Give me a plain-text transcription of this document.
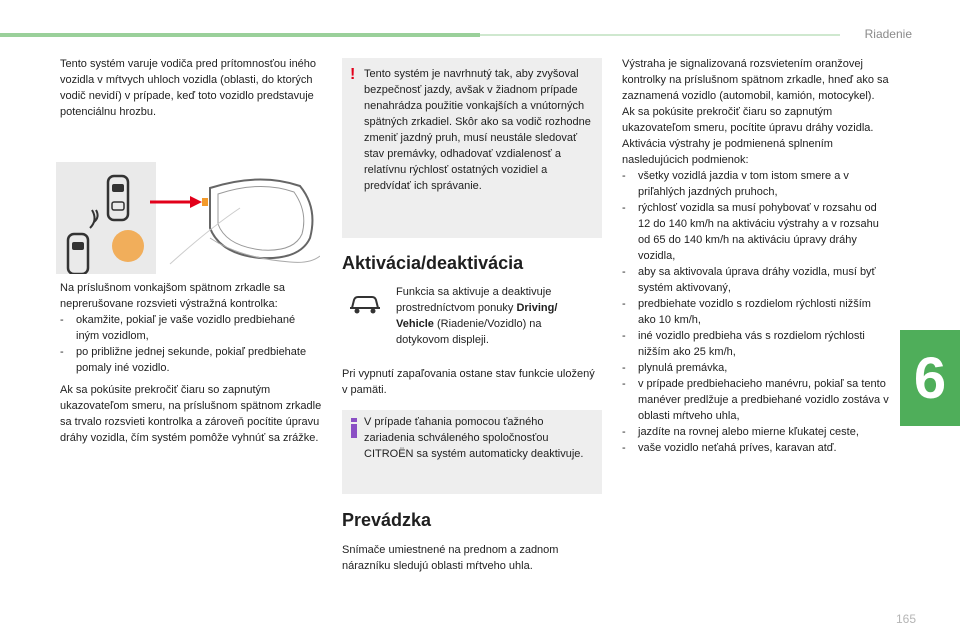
Riadenie
6
Tento systém varuje vodiča pred prítomnosťou iného vozidla v mŕtvych uhloch vozidla (oblasti, do ktorých vodič nevidí) v prípade, keď toto vozidlo predstavuje potenciálnu hrozbu.
Na príslušnom vonkajšom spätnom zrkadle sa neprerušovane rozsvieti výstražná kontrolka:
- okamžite, pokiaľ je vaše vozidlo predbiehané iným vozidlom,
- po približne jednej sekunde, pokiaľ predbiehate pomaly iné vozidlo.
Ak sa pokúsite prekročiť čiaru so zapnutým ukazovateľom smeru, na príslušnom spätnom zrkadle sa trvalo rozsvieti kontrolka a zároveň pocítite úpravu dráhy vozidla, čím systém pomôže vyhnúť sa zrážke.
! Tento systém je navrhnutý tak, aby zvyšoval bezpečnosť jazdy, avšak v žiadnom prípade nenahrádza použitie vonkajších a vnútorných spätných zrkadiel. Skôr ako sa vodič rozhodne zmeniť jazdný pruh, musí neustále sledovať stav premávky, odhadovať vzdialenosť a relatívnu rýchlosť ostatných vozidiel a predvídať ich správanie.
Aktivácia/deaktivácia
Funkcia sa aktivuje a deaktivuje prostredníctvom ponuky Driving/ Vehicle (Riadenie/Vozidlo) na dotykovom displeji.
Pri vypnutí zapaľovania ostane stav funkcie uložený v pamäti.
V prípade ťahania pomocou ťažného zariadenia schváleného spoločnosťou CITROËN sa systém automaticky deaktivuje.
Prevádzka
Snímače umiestnené na prednom a zadnom nárazníku sledujú oblasti mŕtveho uhla.
Výstraha je signalizovaná rozsvietením oranžovej kontrolky na príslušnom spätnom zrkadle, hneď ako sa zaznamená vozidlo (automobil, kamión, motocykel).
Ak sa pokúsite prekročiť čiaru so zapnutým ukazovateľom smeru, pocítite úpravu dráhy vozidla.
Aktivácia výstrahy je podmienená splnením nasledujúcich podmienok:
- všetky vozidlá jazdia v tom istom smere a v priľahlých jazdných pruhoch,
- rýchlosť vozidla sa musí pohybovať v rozsahu od 12 do 140 km/h na aktiváciu výstrahy a v rozsahu od 65 do 140 km/h na aktiváciu úpravy dráhy vozidla,
- aby sa aktivovala úprava dráhy vozidla, musí byť systém aktivovaný,
- predbiehate vozidlo s rozdielom rýchlosti nižším ako 10 km/h,
- iné vozidlo predbieha vás s rozdielom rýchlosti nižším ako 25 km/h,
- plynulá premávka,
- v prípade predbiehacieho manévru, pokiaľ sa tento manéver predlžuje a predbiehané vozidlo zostáva v oblasti mŕtveho uhla,
- jazdíte na rovnej alebo mierne kľukatej ceste,
- vaše vozidlo neťahá príves, karavan atď.
165
